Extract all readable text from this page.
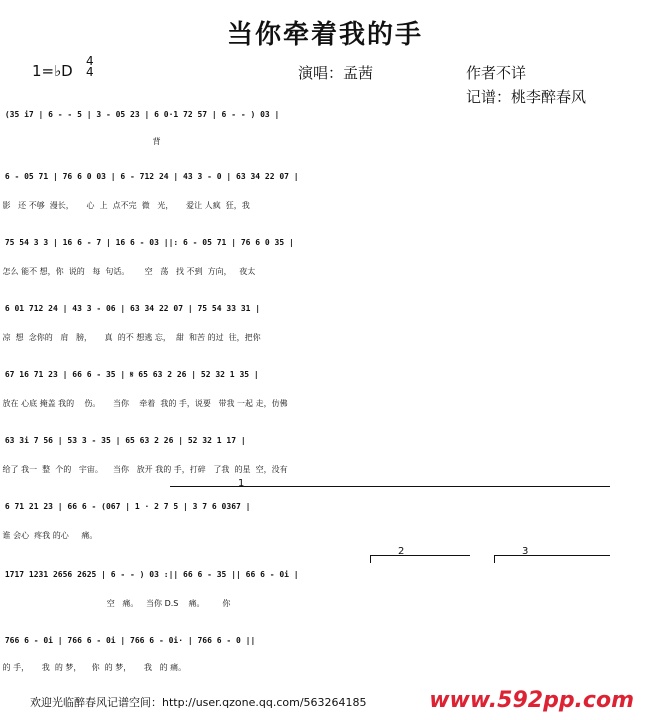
当你牵着我的手
1=♭D
4
4	演唱：孟茜	作者不详
记谱：桃李醉春风
(35 i7 | 6 - - 5 | 3 - 05 23 | 6 0·1 72 57 | 6 - - ) 03 |
背
6 - 05 71 | 76 6 0 03 | 6 - 712 24 | 43 3 - 0 | 63 34 22 07 |
影   还 不够  漫长，     心  上  点不完  微   光，     爱让 人疯  狂，我
75 54 3 3 | 16 6 - 7 | 16 6 - 03 ||: 6 - 05 71 | 76 6 0 35 |
怎么 能不 想，你  说的   每  句话。      空   荡   找 不到  方向，   夜太
6 01 712 24 | 43 3 - 06 | 63 34 22 07 | 75 54 33 31 |
凉  想  念你的   肩   膀，     真  的不 想逃 忘，  甜  和苦 的过  往，把你
67 16 71 23 | 66 6 - 35 | 𝄋 65 63 2 26 | 52 32 1 35 |
放在 心底 掩盖 我的    伤。     当你    牵着  我的 手，说要   带我 一起 走，仿佛
63 3i 7 56 | 53 3 - 35 | 65 63 2 26 | 52 32 1 17 |
给了 我一  整  个的   宇宙。    当你   放开 我的 手，打碎   了我  的星  空，没有
1
6 71 21 23 | 66 6 - (067 | 1 · 2 7 5 | 3 7 6 0367 |
谁 会心  疼我 的心     痛。
2	3
1717 1231 2656 2625 | 6 - - ) 03 :|| 66 6 - 35 || 66 6 - 0i |
空   痛。   当你 D.S    痛。       你
766 6 - 0i | 766 6 - 0i | 766 6 - 0i· | 766 6 - 0 ||
的 手，     我  的 梦，    你  的 梦，     我   的 痛。
欢迎光临醉春风记谱空间：http://user.qzone.qq.com/563264185	www.592pp.com
